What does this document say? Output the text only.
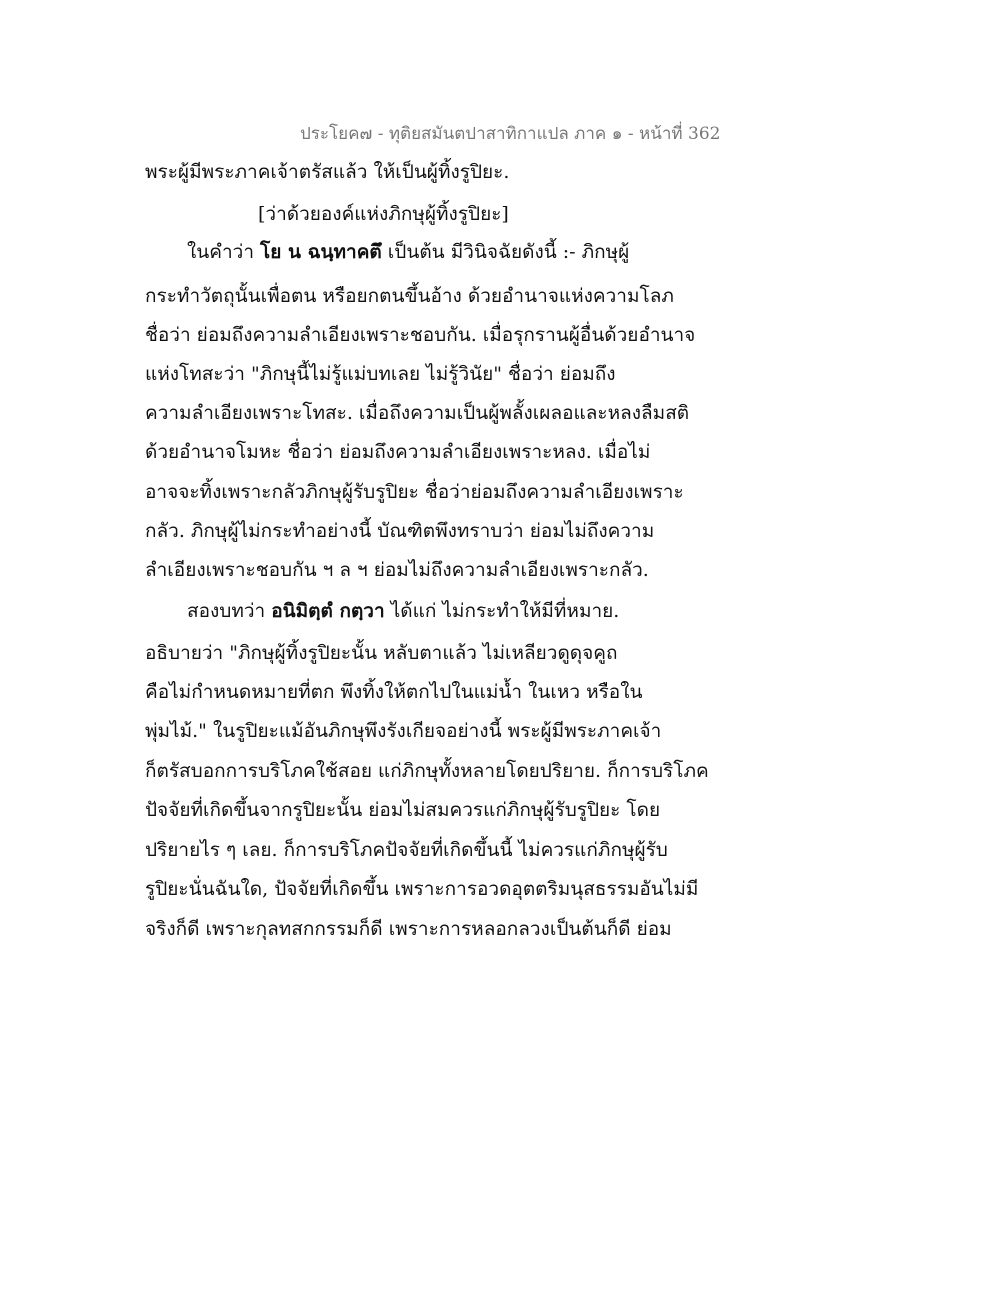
ประโยค๗ - ทุติยสมันตปาสาทิกาแปล ภาค ๑ - หน้าที่ 362
พระผู้มีพระภาคเจ้าตรัสแล้ว ให้เป็นผู้ทิ้งรูปิยะ.
[ว่าด้วยองค์แห่งภิกษุผู้ทิ้งรูปิยะ]
ในคำว่า โย น ฉนฺทาคตึ เป็นต้น มีวินิจฉัยดังนี้ :- ภิกษุผู้
กระทำวัตถุนั้นเพื่อตน หรือยกตนขึ้นอ้าง ด้วยอำนาจแห่งความโลภ
ชื่อว่า ย่อมถึงความลำเอียงเพราะชอบกัน. เมื่อรุกรานผู้อื่นด้วยอำนาจ
แห่งโทสะว่า "ภิกษุนี้ไม่รู้แม่บทเลย ไม่รู้วินัย" ชื่อว่า ย่อมถึง
ความลำเอียงเพราะโทสะ. เมื่อถึงความเป็นผู้พลั้งเผลอและหลงลืมสติ
ด้วยอำนาจโมหะ ชื่อว่า ย่อมถึงความลำเอียงเพราะหลง. เมื่อไม่
อาจจะทิ้งเพราะกลัวภิกษุผู้รับรูปิยะ ชื่อว่าย่อมถึงความลำเอียงเพราะ
กลัว. ภิกษุผู้ไม่กระทำอย่างนี้ บัณฑิตพึงทราบว่า ย่อมไม่ถึงความ
ลำเอียงเพราะชอบกัน ฯ ล ฯ ย่อมไม่ถึงความลำเอียงเพราะกลัว.
สองบทว่า อนิมิตฺตํ กตฺวา ได้แก่ ไม่กระทำให้มีที่หมาย.
อธิบายว่า "ภิกษุผู้ทิ้งรูปิยะนั้น หลับตาแล้ว ไม่เหลียวดูดุจคูถ
คือไม่กำหนดหมายที่ตก พึงทิ้งให้ตกไปในแม่น้ำ ในเหว หรือใน
พุ่มไม้." ในรูปิยะแม้อันภิกษุพึงรังเกียจอย่างนี้ พระผู้มีพระภาคเจ้า
ก็ตรัสบอกการบริโภคใช้สอย แก่ภิกษุทั้งหลายโดยปริยาย. ก็การบริโภค
ปัจจัยที่เกิดขึ้นจากรูปิยะนั้น ย่อมไม่สมควรแก่ภิกษุผู้รับรูปิยะ โดย
ปริยายไร ๆ เลย. ก็การบริโภคปัจจัยที่เกิดขึ้นนี้ ไม่ควรแก่ภิกษุผู้รับ
รูปิยะนั่นฉันใด, ปัจจัยที่เกิดขึ้น เพราะการอวดอุตตริมนุสธรรมอันไม่มี
จริงก็ดี เพราะกุลทสกกรรมก็ดี เพราะการหลอกลวงเป็นต้นก็ดี ย่อม
